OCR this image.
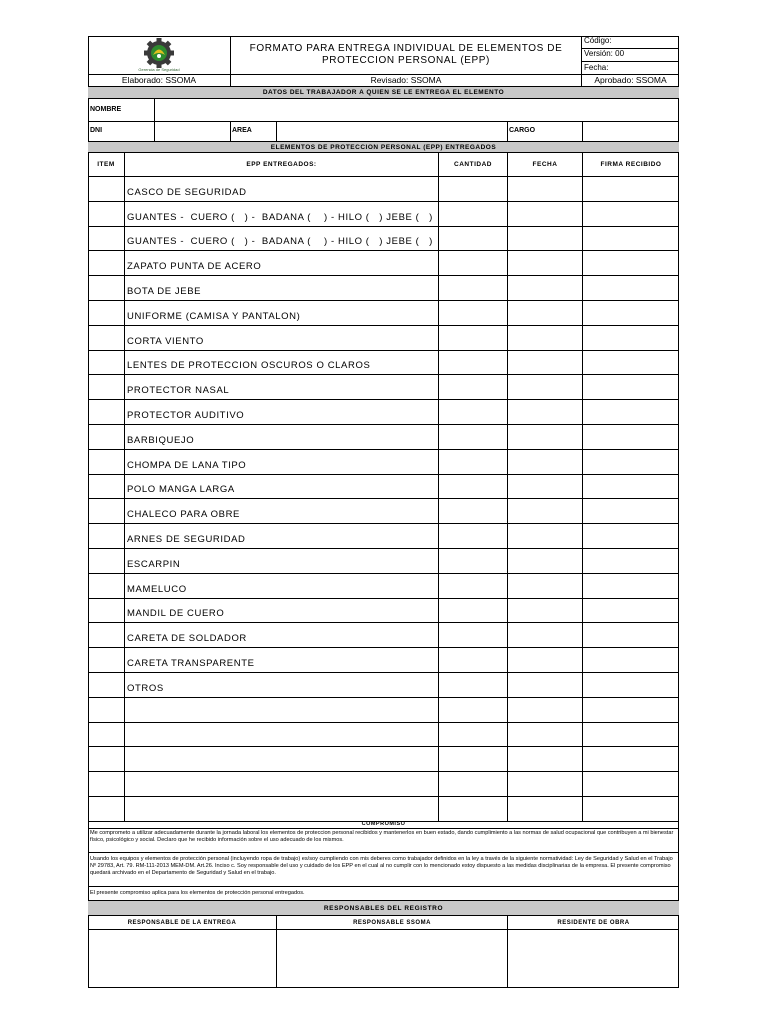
Gerencia de Seguridad
FORMATO PARA ENTREGA INDIVIDUAL DE ELEMENTOS DE
PROTECCION PERSONAL (EPP)
Código:
Versión: 00
Fecha:
Elaborado: SSOMA	Revisado: SSOMA	Aprobado: SSOMA
DATOS DEL TRABAJADOR A QUIEN SE LE ENTREGA EL ELEMENTO
NOMBRE
DNI	AREA	CARGO
ELEMENTOS DE PROTECCION PERSONAL (EPP) ENTREGADOS
ITEM	EPP ENTREGADOS:	CANTIDAD	FECHA	FIRMA RECIBIDO
CASCO DE SEGURIDAD
GUANTES -  CUERO (   ) -  BADANA (    ) - HILO (   ) JEBE (   )
GUANTES -  CUERO (   ) -  BADANA (    ) - HILO (   ) JEBE (   )
ZAPATO PUNTA DE ACERO
BOTA DE JEBE
UNIFORME (CAMISA Y PANTALON)
CORTA VIENTO
LENTES DE PROTECCION OSCUROS O CLAROS
PROTECTOR NASAL
PROTECTOR AUDITIVO
BARBIQUEJO
CHOMPA DE LANA TIPO
POLO MANGA LARGA
CHALECO PARA OBRE
ARNES DE SEGURIDAD
ESCARPIN
MAMELUCO
MANDIL DE CUERO
CARETA DE SOLDADOR
CARETA TRANSPARENTE
OTROS
COMPROMISO
Me comprometo a utilizar adecuadamente durante la jornada laboral los elementos de proteccion personal recibidos y mantenerlos en buen estado, dando cumplimiento a las normas de salud ocupacional que contribuyen a mi bienestar físico, psicológico y social. Declaro que he recibido información sobre el uso adecuado de los mismos.
Usando los equipos y elementos de protección personal (incluyendo ropa de trabajo) es/soy cumpliendo con mis deberes como trabajador definidos en la ley a través de la siguiente normatividad: Ley de Seguridad y Salud en el Trabajo Nº 29783, Art. 79. RM-111-2013 MEM-DM. Art.26. Inciso c. Soy responsable del uso y cuidado de los EPP en el cual al no cumplir con lo mencionado estoy dispuesto a las medidas disciplinarias de la empresa. El presente compromiso quedará archivado en el Departamento de Seguridad y Salud en el trabajo.
El presente compromiso aplica para los elementos de protección personal entregados.
RESPONSABLES DEL REGISTRO
RESPONSABLE DE LA ENTREGA	RESPONSABLE SSOMA	RESIDENTE DE OBRA
